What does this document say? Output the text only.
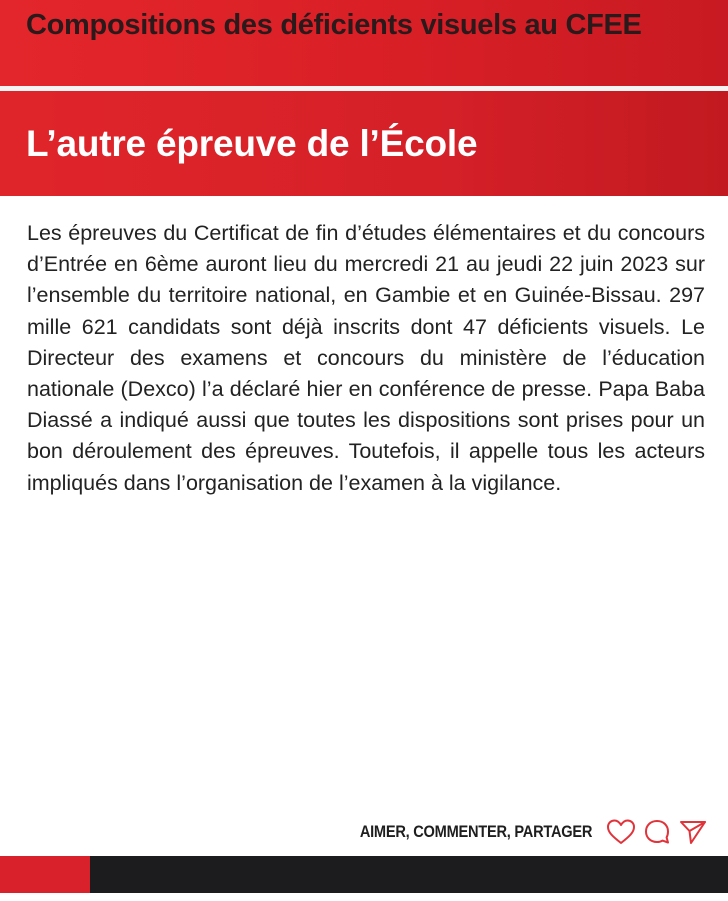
Compositions des déficients visuels au CFEE
L’autre épreuve de l’École

Les épreuves du Certificat de fin d’études élémentaires et du concours d’Entrée en 6ème auront lieu du mercredi 21 au jeudi 22 juin 2023 sur l’ensemble du territoire national, en Gambie et en Guinée-Bissau. 297 mille 621 candidats sont déjà inscrits dont 47 déficients visuels. Le Directeur des examens et concours du ministère de l’éducation nationale (Dexco) l’a déclaré hier en conférence de presse. Papa Baba Diassé a indiqué aussi que toutes les dispositions sont prises pour un bon déroulement des épreuves. Toutefois, il appelle tous les acteurs impliqués dans l’organisation de l’examen à la vigilance.

AIMER, COMMENTER, PARTAGER
